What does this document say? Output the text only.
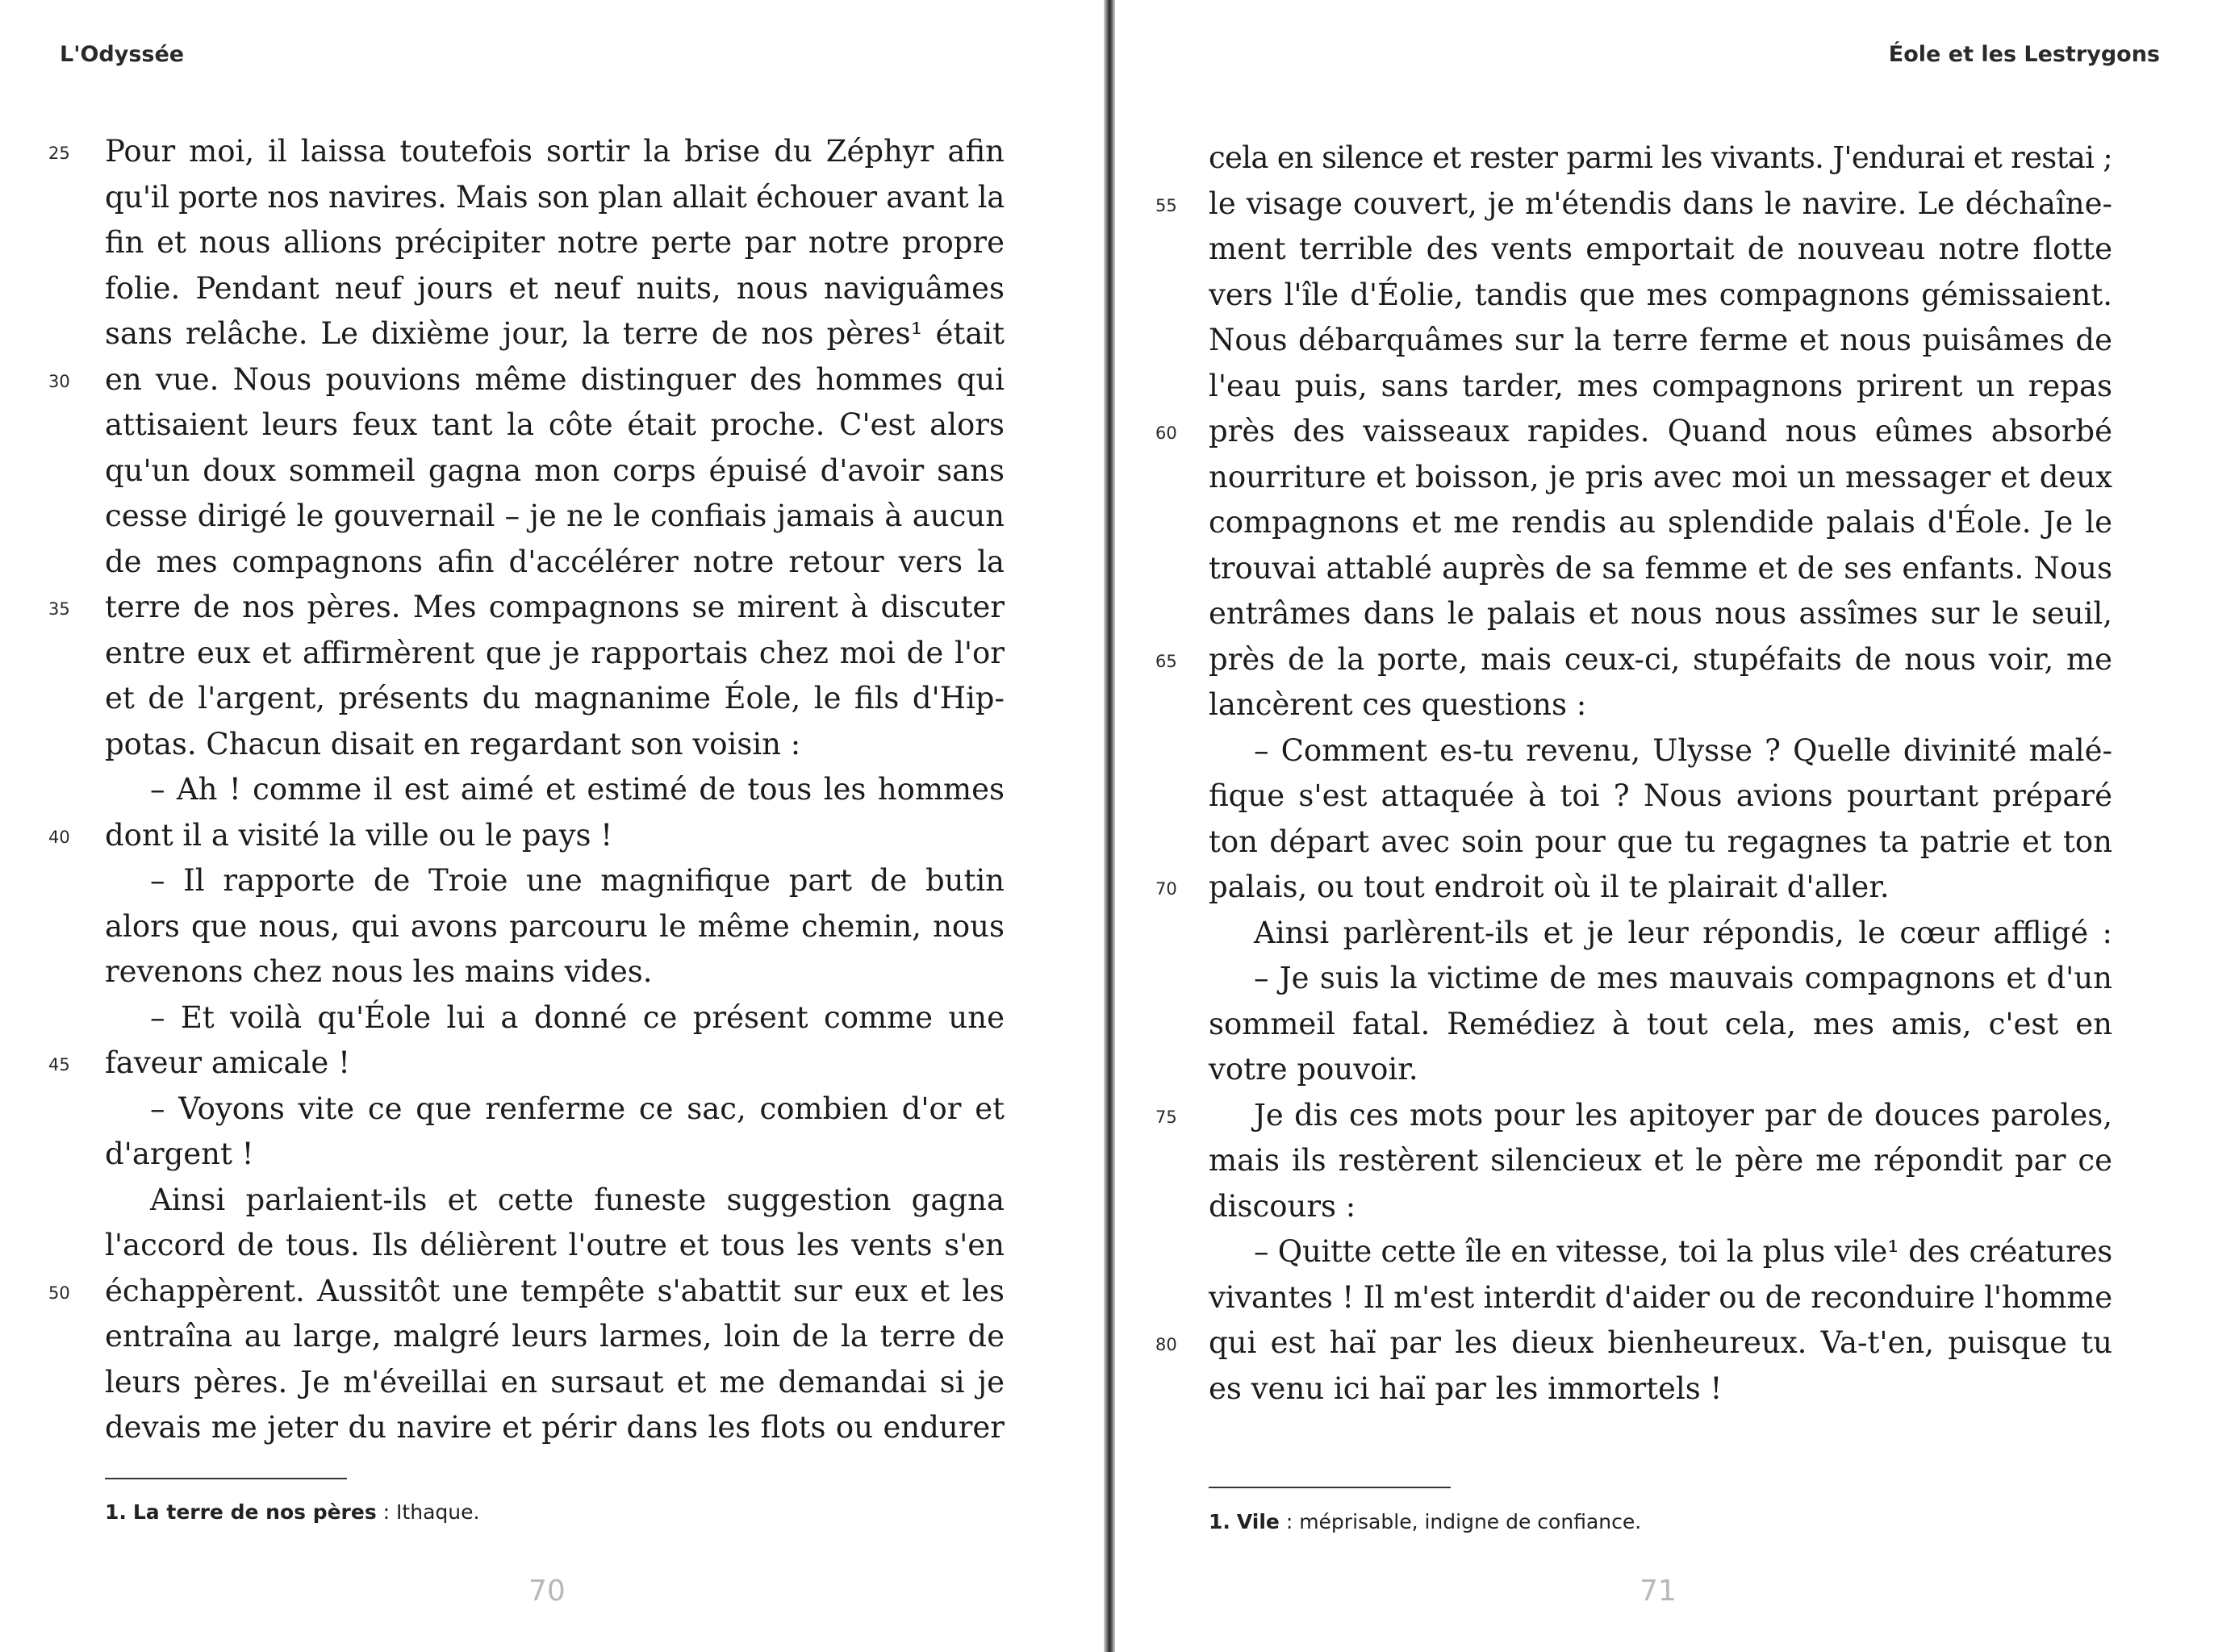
L'Odyssée
1. La terre de nos pères : Ithaque.
70
Pour moi, il laissa toutefois sortir la brise du Zéphyr afin
25
qu'il porte nos navires. Mais son plan allait échouer avant la
fin et nous allions précipiter notre perte par notre propre
folie. Pendant neuf jours et neuf nuits, nous naviguâmes
sans relâche. Le dixième jour, la terre de nos pères¹ était
en vue. Nous pouvions même distinguer des hommes qui
30
attisaient leurs feux tant la côte était proche. C'est alors
qu'un doux sommeil gagna mon corps épuisé d'avoir sans
cesse dirigé le gouvernail – je ne le confiais jamais à aucun
de mes compagnons afin d'accélérer notre retour vers la
terre de nos pères. Mes compagnons se mirent à discuter
35
entre eux et affirmèrent que je rapportais chez moi de l'or
et de l'argent, présents du magnanime Éole, le fils d'Hip-
potas. Chacun disait en regardant son voisin :
– Ah ! comme il est aimé et estimé de tous les hommes
dont il a visité la ville ou le pays !
40
– Il rapporte de Troie une magnifique part de butin
alors que nous, qui avons parcouru le même chemin, nous
revenons chez nous les mains vides.
– Et voilà qu'Éole lui a donné ce présent comme une
faveur amicale !
45
– Voyons vite ce que renferme ce sac, combien d'or et
d'argent !
Ainsi parlaient-ils et cette funeste suggestion gagna
l'accord de tous. Ils délièrent l'outre et tous les vents s'en
échappèrent. Aussitôt une tempête s'abattit sur eux et les
50
entraîna au large, malgré leurs larmes, loin de la terre de
leurs pères. Je m'éveillai en sursaut et me demandai si je
devais me jeter du navire et périr dans les flots ou endurer
Éole et les Lestrygons
1. Vile : méprisable, indigne de confiance.
71
cela en silence et rester parmi les vivants. J'endurai et restai ;
le visage couvert, je m'étendis dans le navire. Le déchaîne-
55
ment terrible des vents emportait de nouveau notre flotte
vers l'île d'Éolie, tandis que mes compagnons gémissaient.
Nous débarquâmes sur la terre ferme et nous puisâmes de
l'eau puis, sans tarder, mes compagnons prirent un repas
près des vaisseaux rapides. Quand nous eûmes absorbé
60
nourriture et boisson, je pris avec moi un messager et deux
compagnons et me rendis au splendide palais d'Éole. Je le
trouvai attablé auprès de sa femme et de ses enfants. Nous
entrâmes dans le palais et nous nous assîmes sur le seuil,
près de la porte, mais ceux-ci, stupéfaits de nous voir, me
65
lancèrent ces questions :
– Comment es-tu revenu, Ulysse ? Quelle divinité malé-
fique s'est attaquée à toi ? Nous avions pourtant préparé
ton départ avec soin pour que tu regagnes ta patrie et ton
palais, ou tout endroit où il te plairait d'aller.
70
Ainsi parlèrent-ils et je leur répondis, le cœur affligé :
– Je suis la victime de mes mauvais compagnons et d'un
sommeil fatal. Remédiez à tout cela, mes amis, c'est en
votre pouvoir.
Je dis ces mots pour les apitoyer par de douces paroles,
75
mais ils restèrent silencieux et le père me répondit par ce
discours :
– Quitte cette île en vitesse, toi la plus vile¹ des créatures
vivantes ! Il m'est interdit d'aider ou de reconduire l'homme
qui est haï par les dieux bienheureux. Va-t'en, puisque tu
80
es venu ici haï par les immortels !
